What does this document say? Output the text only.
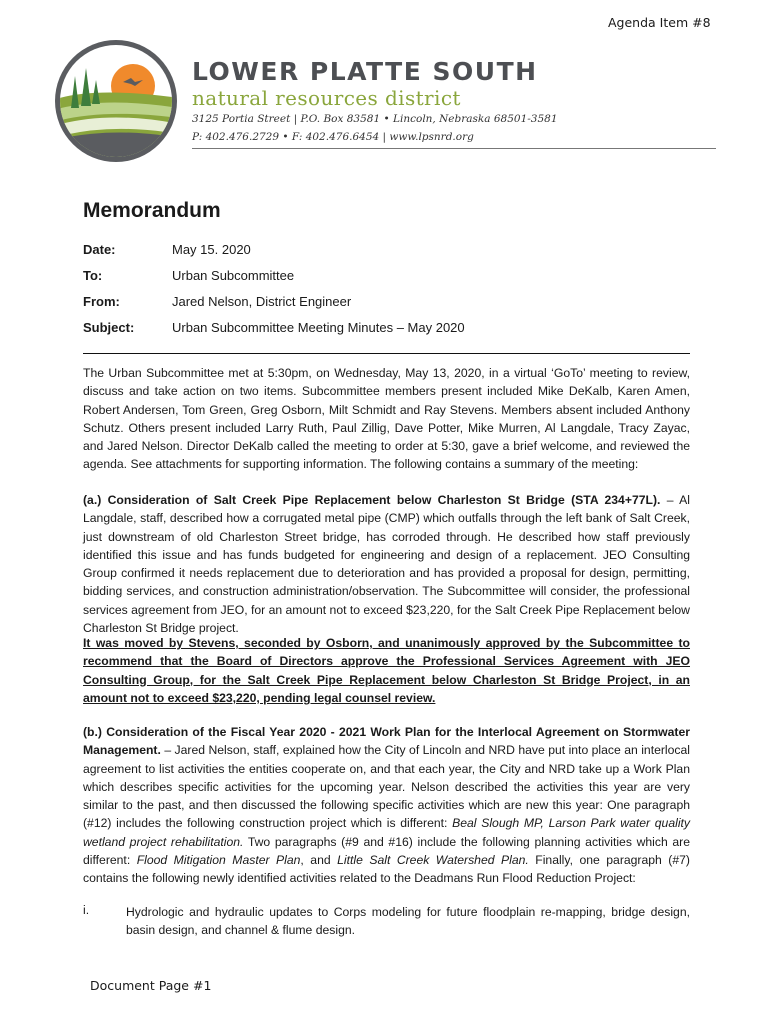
Agenda Item #8
LOWER PLATTE SOUTH
natural resources district
3125 Portia Street | P.O. Box 83581 • Lincoln, Nebraska 68501-3581
P: 402.476.2729 • F: 402.476.6454 | www.lpsnrd.org
Memorandum
Date:	May 15. 2020
To:	Urban Subcommittee
From:	Jared Nelson, District Engineer
Subject:	Urban Subcommittee Meeting Minutes – May 2020
The Urban Subcommittee met at 5:30pm, on Wednesday, May 13, 2020, in a virtual ‘GoTo’ meeting to review, discuss and take action on two items. Subcommittee members present included Mike DeKalb, Karen Amen, Robert Andersen, Tom Green, Greg Osborn, Milt Schmidt and Ray Stevens. Members absent included Anthony Schutz. Others present included Larry Ruth, Paul Zillig, Dave Potter, Mike Murren, Al Langdale, Tracy Zayac, and Jared Nelson. Director DeKalb called the meeting to order at 5:30, gave a brief welcome, and reviewed the agenda. See attachments for supporting information. The following contains a summary of the meeting:
(a.) Consideration of Salt Creek Pipe Replacement below Charleston St Bridge (STA 234+77L). – Al Langdale, staff, described how a corrugated metal pipe (CMP) which outfalls through the left bank of Salt Creek, just downstream of old Charleston Street bridge, has corroded through. He described how staff previously identified this issue and has funds budgeted for engineering and design of a replacement. JEO Consulting Group confirmed it needs replacement due to deterioration and has provided a proposal for design, permitting, bidding services, and construction administration/observation. The Subcommittee will consider, the professional services agreement from JEO, for an amount not to exceed $23,220, for the Salt Creek Pipe Replacement below Charleston St Bridge project.
It was moved by Stevens, seconded by Osborn, and unanimously approved by the Subcommittee to recommend that the Board of Directors approve the Professional Services Agreement with JEO Consulting Group, for the Salt Creek Pipe Replacement below Charleston St Bridge Project, in an amount not to exceed $23,220, pending legal counsel review.
(b.) Consideration of the Fiscal Year 2020 - 2021 Work Plan for the Interlocal Agreement on Stormwater Management. – Jared Nelson, staff, explained how the City of Lincoln and NRD have put into place an interlocal agreement to list activities the entities cooperate on, and that each year, the City and NRD take up a Work Plan which describes specific activities for the upcoming year. Nelson described the activities this year are very similar to the past, and then discussed the following specific activities which are new this year: One paragraph (#12) includes the following construction project which is different: Beal Slough MP, Larson Park water quality wetland project rehabilitation. Two paragraphs (#9 and #16) include the following planning activities which are different: Flood Mitigation Master Plan, and Little Salt Creek Watershed Plan. Finally, one paragraph (#7) contains the following newly identified activities related to the Deadmans Run Flood Reduction Project:
i.	Hydrologic and hydraulic updates to Corps modeling for future floodplain re-mapping, bridge design, basin design, and channel & flume design.
Document Page #1
